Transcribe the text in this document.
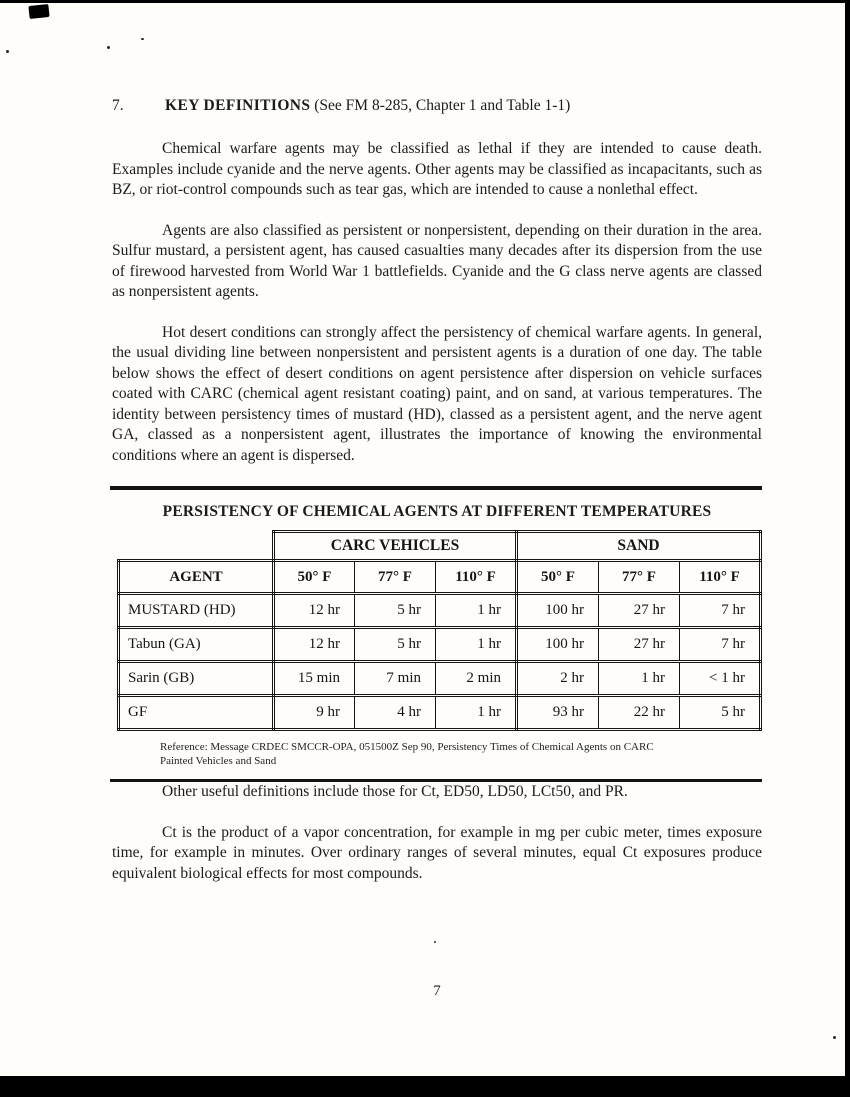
7.	KEY DEFINITIONS (See FM 8-285, Chapter 1 and Table 1-1)

Chemical warfare agents may be classified as lethal if they are intended to cause death. Examples include cyanide and the nerve agents. Other agents may be classified as incapacitants, such as BZ, or riot-control compounds such as tear gas, which are intended to cause a nonlethal effect.

Agents are also classified as persistent or nonpersistent, depending on their duration in the area. Sulfur mustard, a persistent agent, has caused casualties many decades after its dispersion from the use of firewood harvested from World War 1 battlefields. Cyanide and the G class nerve agents are classed as nonpersistent agents.

Hot desert conditions can strongly affect the persistency of chemical warfare agents. In general, the usual dividing line between nonpersistent and persistent agents is a duration of one day. The table below shows the effect of desert conditions on agent persistence after dispersion on vehicle surfaces coated with CARC (chemical agent resistant coating) paint, and on sand, at various temperatures. The identity between persistency times of mustard (HD), classed as a persistent agent, and the nerve agent GA, classed as a nonpersistent agent, illustrates the importance of knowing the environmental conditions where an agent is dispersed.

PERSISTENCY OF CHEMICAL AGENTS AT DIFFERENT TEMPERATURES
	CARC VEHICLES			SAND		
AGENT	50° F	77° F	110° F	50° F	77° F	110° F
MUSTARD (HD)	12 hr	5 hr	1 hr	100 hr	27 hr	7 hr
Tabun (GA)	12 hr	5 hr	1 hr	100 hr	27 hr	7 hr
Sarin (GB)	15 min	7 min	2 min	2 hr	1 hr	< 1 hr
GF	9 hr	4 hr	1 hr	93 hr	22 hr	5 hr
Reference: Message CRDEC SMCCR-OPA, 051500Z Sep 90, Persistency Times of Chemical Agents on CARC
Painted Vehicles and Sand

Other useful definitions include those for Ct, ED50, LD50, LCt50, and PR.

Ct is the product of a vapor concentration, for example in mg per cubic meter, times exposure time, for example in minutes. Over ordinary ranges of several minutes, equal Ct exposures produce equivalent biological effects for most compounds.

7
